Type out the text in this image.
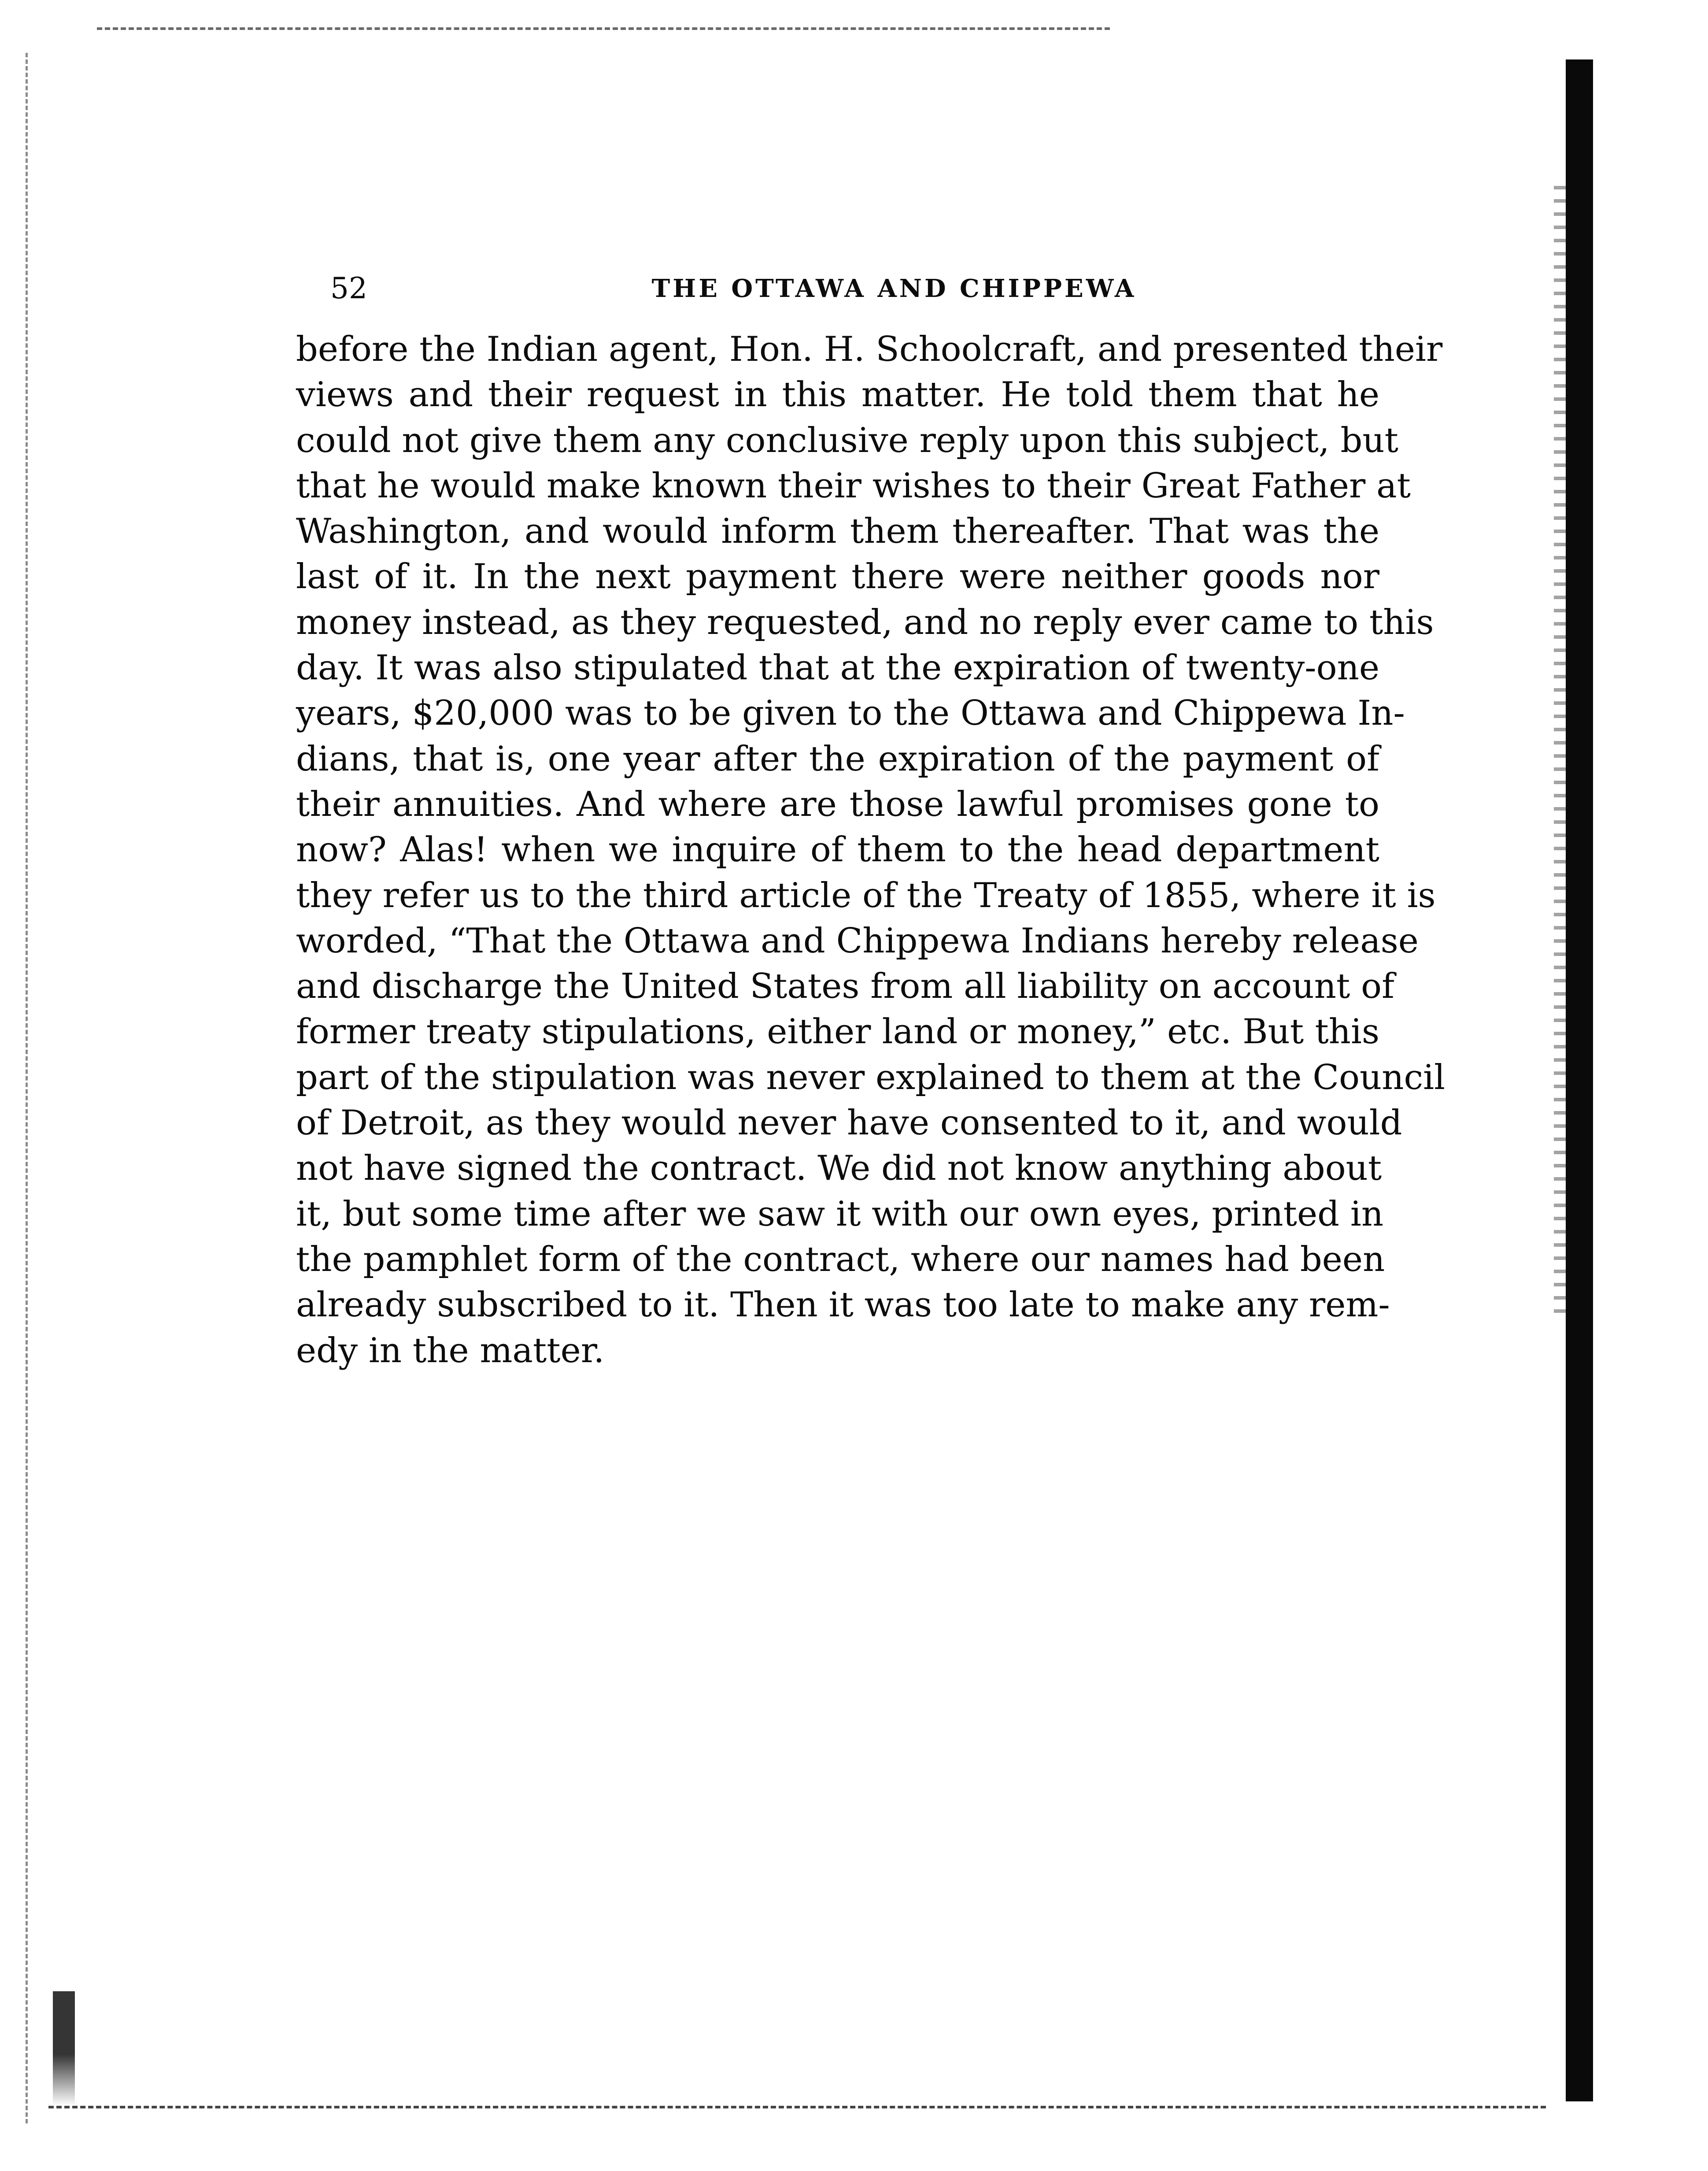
52	THE OTTAWA AND CHIPPEWA
before the Indian agent, Hon. H. Schoolcraft, and presented their
views and their request in this matter. He told them that he
could not give them any conclusive reply upon this subject, but
that he would make known their wishes to their Great Father at
Washington, and would inform them thereafter. That was the
last of it. In the next payment there were neither goods nor
money instead, as they requested, and no reply ever came to this
day. It was also stipulated that at the expiration of twenty-one
years, $20,000 was to be given to the Ottawa and Chippewa In-
dians, that is, one year after the expiration of the payment of
their annuities. And where are those lawful promises gone to
now? Alas! when we inquire of them to the head department
they refer us to the third article of the Treaty of 1855, where it is
worded, “That the Ottawa and Chippewa Indians hereby release
and discharge the United States from all liability on account of
former treaty stipulations, either land or money,” etc. But this
part of the stipulation was never explained to them at the Council
of Detroit, as they would never have consented to it, and would
not have signed the contract. We did not know anything about
it, but some time after we saw it with our own eyes, printed in
the pamphlet form of the contract, where our names had been
already subscribed to it. Then it was too late to make any rem-
edy in the matter.
